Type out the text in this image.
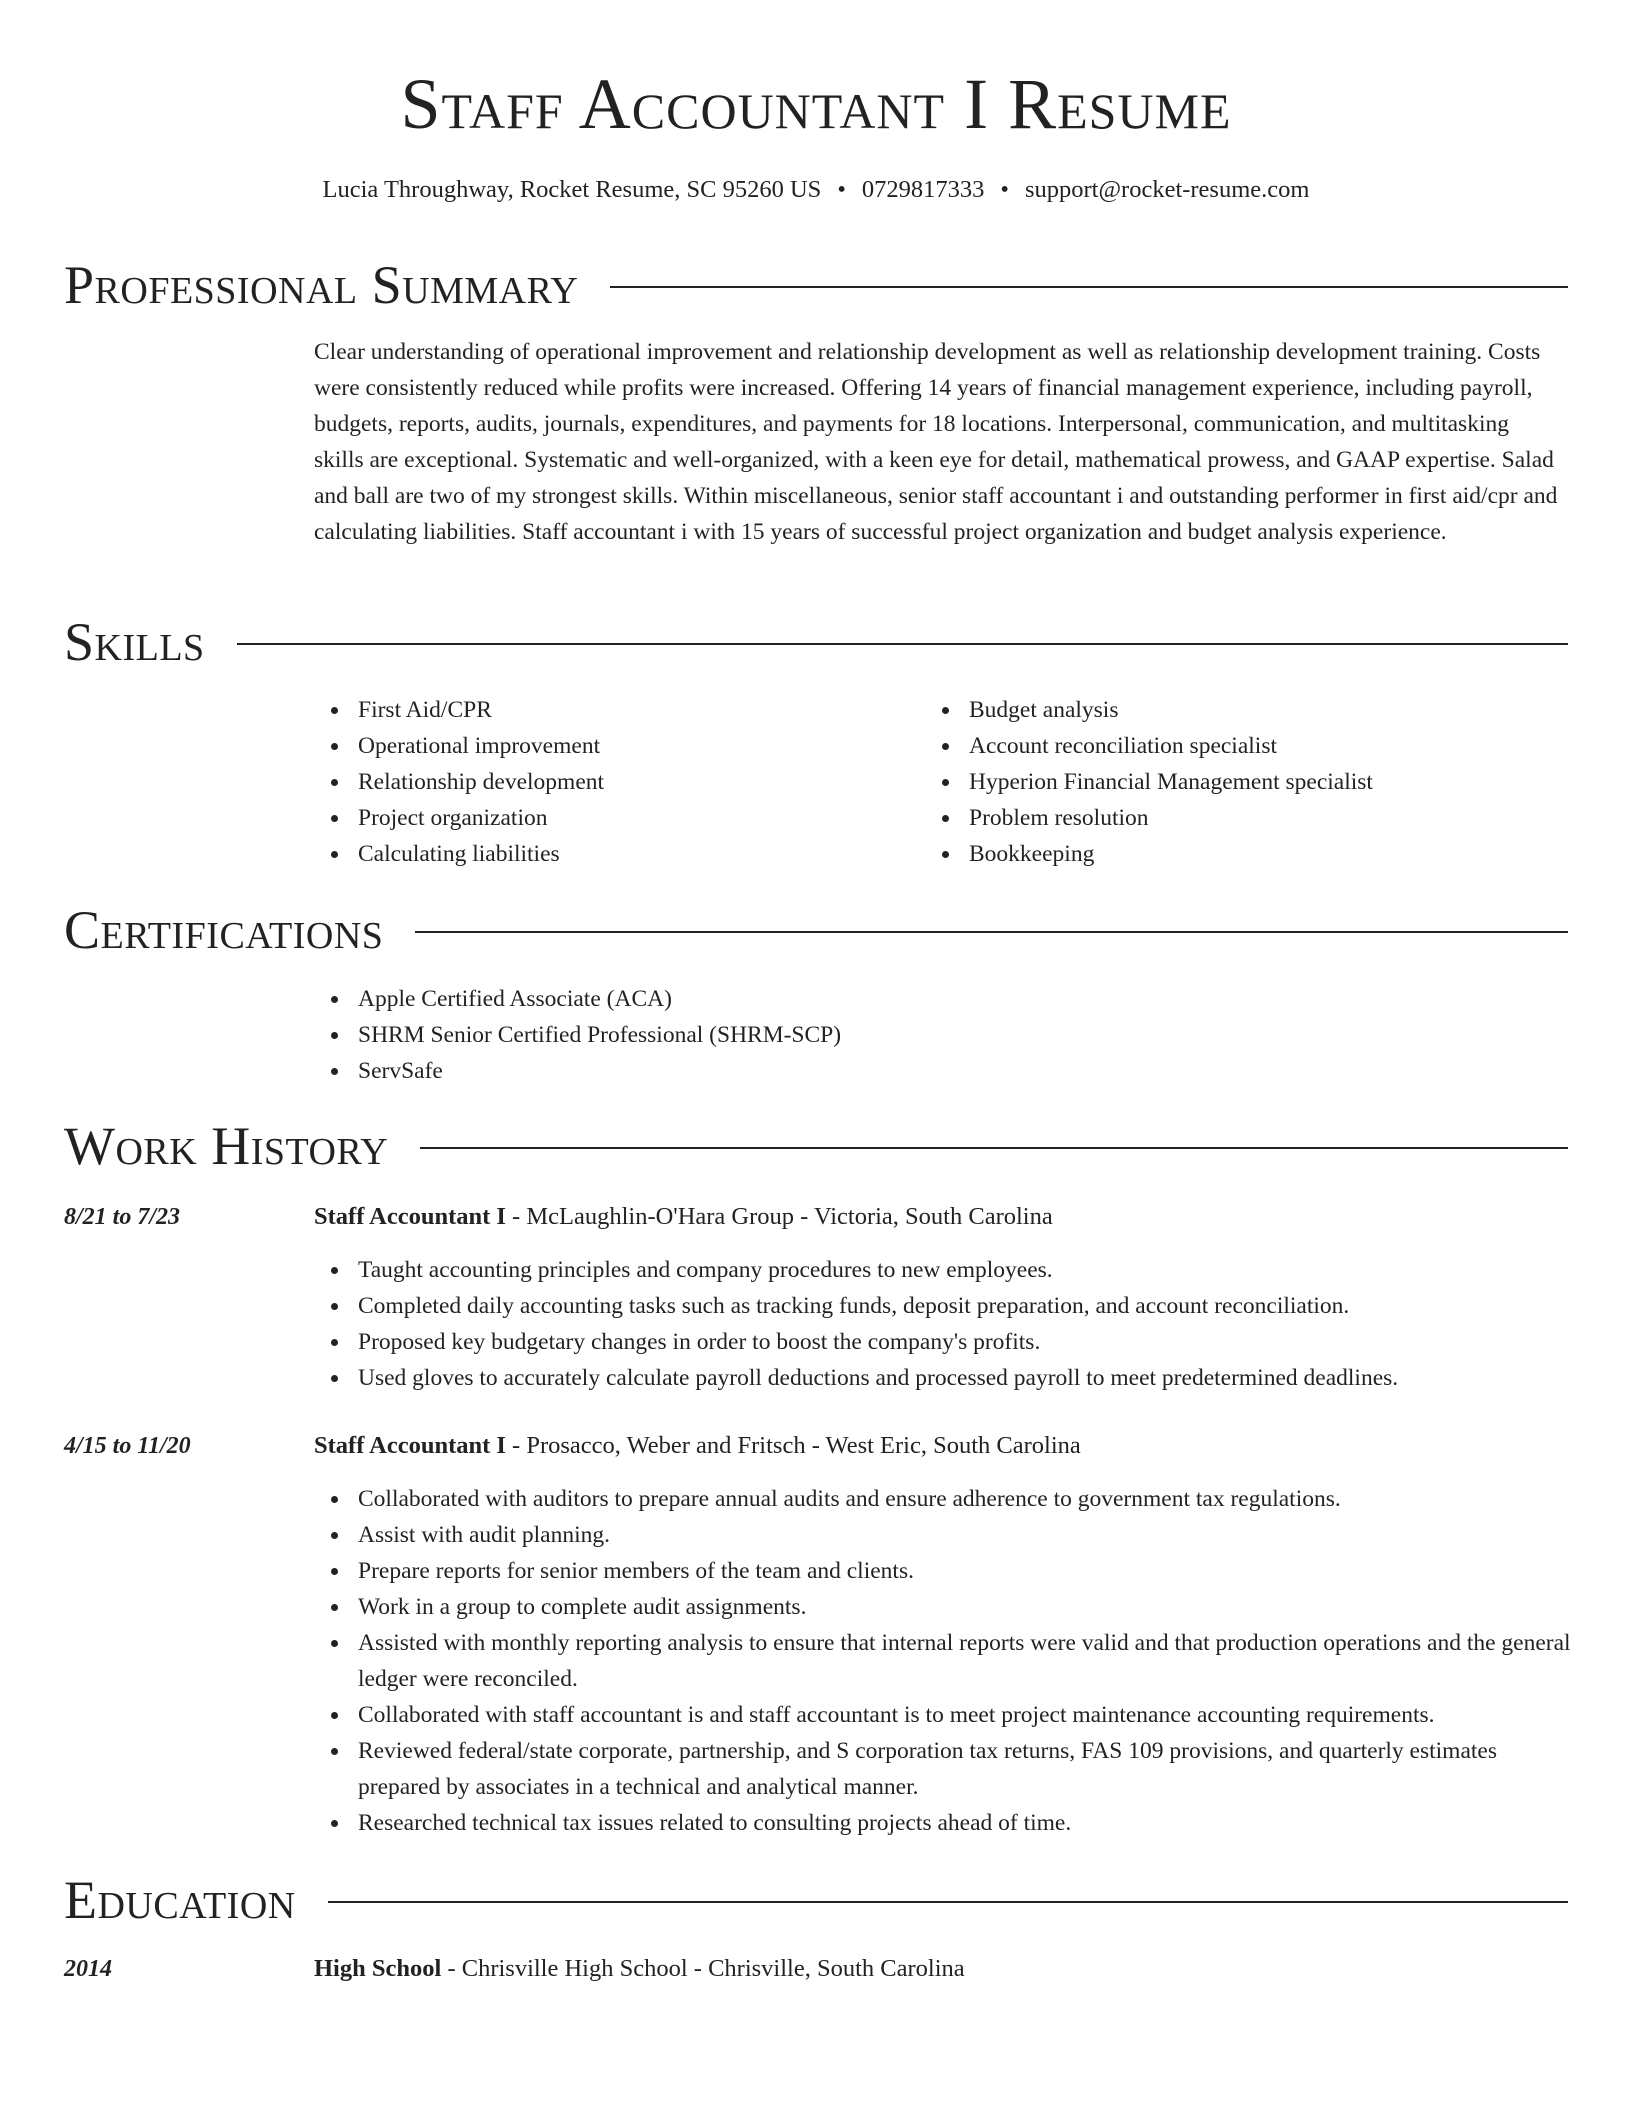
Staff Accountant I Resume
Lucia Throughway, Rocket Resume, SC 95260 US • 0729817333 • support@rocket-resume.com
Professional Summary

Clear understanding of operational improvement and relationship development as well as relationship development training. Costs were consistently reduced while profits were increased. Offering 14 years of financial management experience, including payroll, budgets, reports, audits, journals, expenditures, and payments for 18 locations. Interpersonal, communication, and multitasking skills are exceptional. Systematic and well-organized, with a keen eye for detail, mathematical prowess, and GAAP expertise. Salad and ball are two of my strongest skills. Within miscellaneous, senior staff accountant i and outstanding performer in first aid/cpr and calculating liabilities. Staff accountant i with 15 years of successful project organization and budget analysis experience.

Skills
First Aid/CPR
Operational improvement
Relationship development
Project organization
Calculating liabilities
Budget analysis
Account reconciliation specialist
Hyperion Financial Management specialist
Problem resolution
Bookkeeping
Certifications
Apple Certified Associate (ACA)
SHRM Senior Certified Professional (SHRM-SCP)
ServSafe
Work History
8/21 to 7/23	Staff Accountant I - McLaughlin-O'Hara Group - Victoria, South Carolina
Taught accounting principles and company procedures to new employees.
Completed daily accounting tasks such as tracking funds, deposit preparation, and account reconciliation.
Proposed key budgetary changes in order to boost the company's profits.
Used gloves to accurately calculate payroll deductions and processed payroll to meet predetermined deadlines.
4/15 to 11/20	Staff Accountant I - Prosacco, Weber and Fritsch - West Eric, South Carolina
Collaborated with auditors to prepare annual audits and ensure adherence to government tax regulations.
Assist with audit planning.
Prepare reports for senior members of the team and clients.
Work in a group to complete audit assignments.
Assisted with monthly reporting analysis to ensure that internal reports were valid and that production operations and the general ledger were reconciled.
Collaborated with staff accountant is and staff accountant is to meet project maintenance accounting requirements.
Reviewed federal/state corporate, partnership, and S corporation tax returns, FAS 109 provisions, and quarterly estimates prepared by associates in a technical and analytical manner.
Researched technical tax issues related to consulting projects ahead of time.
Education
2014	High School - Chrisville High School - Chrisville, South Carolina
